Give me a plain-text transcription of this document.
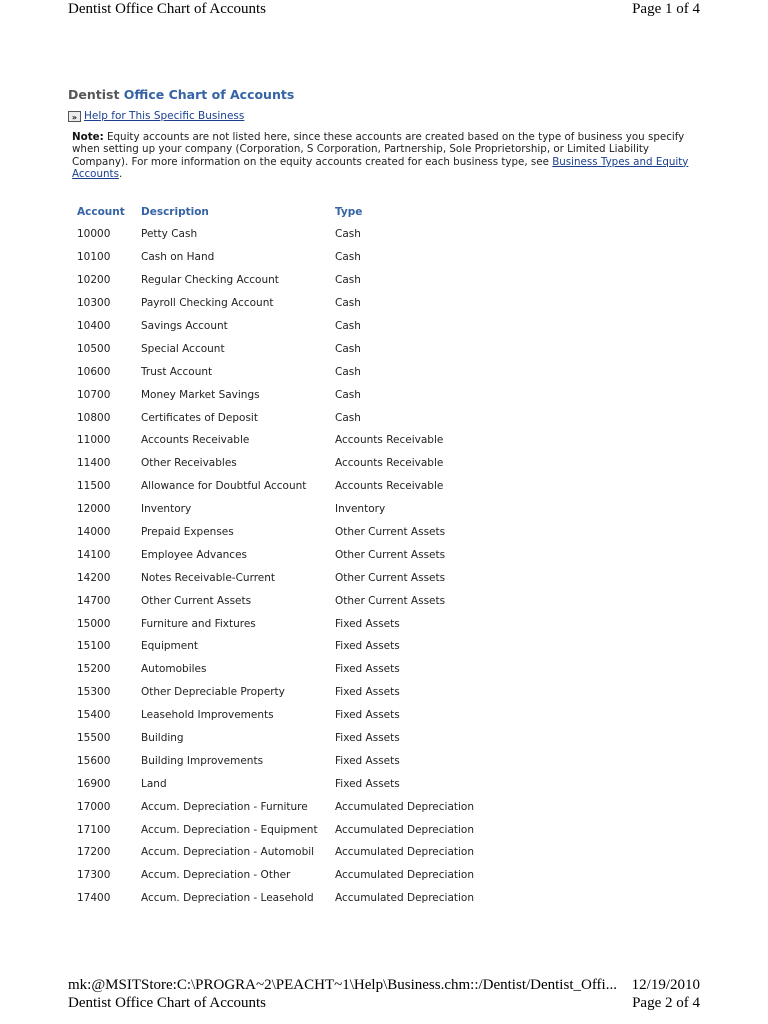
Dentist Office Chart of Accounts	Page 1 of 4
Dentist Office Chart of Accounts
» Help for This Specific Business

Note: Equity accounts are not listed here, since these accounts are created based on the type of business you specify when setting up your company (Corporation, S Corporation, Partnership, Sole Proprietorship, or Limited Liability Company). For more information on the equity accounts created for each business type, see Business Types and Equity Accounts.

Account	Description	Type
10000	Petty Cash	Cash
10100	Cash on Hand	Cash
10200	Regular Checking Account	Cash
10300	Payroll Checking Account	Cash
10400	Savings Account	Cash
10500	Special Account	Cash
10600	Trust Account	Cash
10700	Money Market Savings	Cash
10800	Certificates of Deposit	Cash
11000	Accounts Receivable	Accounts Receivable
11400	Other Receivables	Accounts Receivable
11500	Allowance for Doubtful Account	Accounts Receivable
12000	Inventory	Inventory
14000	Prepaid Expenses	Other Current Assets
14100	Employee Advances	Other Current Assets
14200	Notes Receivable-Current	Other Current Assets
14700	Other Current Assets	Other Current Assets
15000	Furniture and Fixtures	Fixed Assets
15100	Equipment	Fixed Assets
15200	Automobiles	Fixed Assets
15300	Other Depreciable Property	Fixed Assets
15400	Leasehold Improvements	Fixed Assets
15500	Building	Fixed Assets
15600	Building Improvements	Fixed Assets
16900	Land	Fixed Assets
17000	Accum. Depreciation - Furniture	Accumulated Depreciation
17100	Accum. Depreciation - Equipment	Accumulated Depreciation
17200	Accum. Depreciation - Automobil	Accumulated Depreciation
17300	Accum. Depreciation - Other	Accumulated Depreciation
17400	Accum. Depreciation - Leasehold	Accumulated Depreciation
mk:@MSITStore:C:\PROGRA~2\PEACHT~1\Help\Business.chm::/Dentist/Dentist_Offi... 12/19/2010
Dentist Office Chart of Accounts	Page 2 of 4
